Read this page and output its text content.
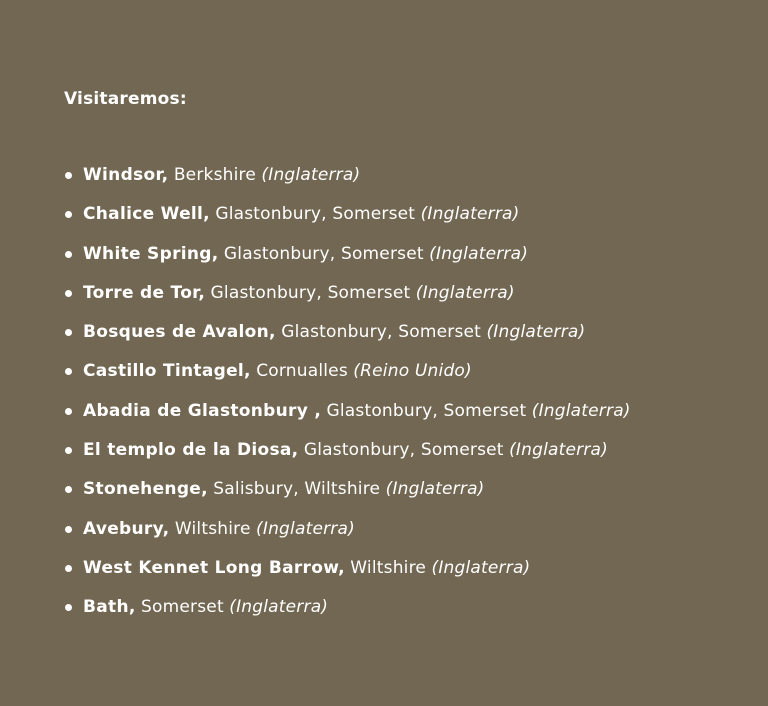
Visitaremos:
Windsor, Berkshire (Inglaterra)
Chalice Well, Glastonbury, Somerset (Inglaterra)
White Spring, Glastonbury, Somerset (Inglaterra)
Torre de Tor, Glastonbury, Somerset (Inglaterra)
Bosques de Avalon, Glastonbury, Somerset (Inglaterra)
Castillo Tintagel, Cornualles (Reino Unido)
Abadia de Glastonbury , Glastonbury, Somerset (Inglaterra)
El templo de la Diosa, Glastonbury, Somerset (Inglaterra)
Stonehenge, Salisbury, Wiltshire (Inglaterra)
Avebury, Wiltshire (Inglaterra)
West Kennet Long Barrow, Wiltshire (Inglaterra)
Bath, Somerset (Inglaterra)
